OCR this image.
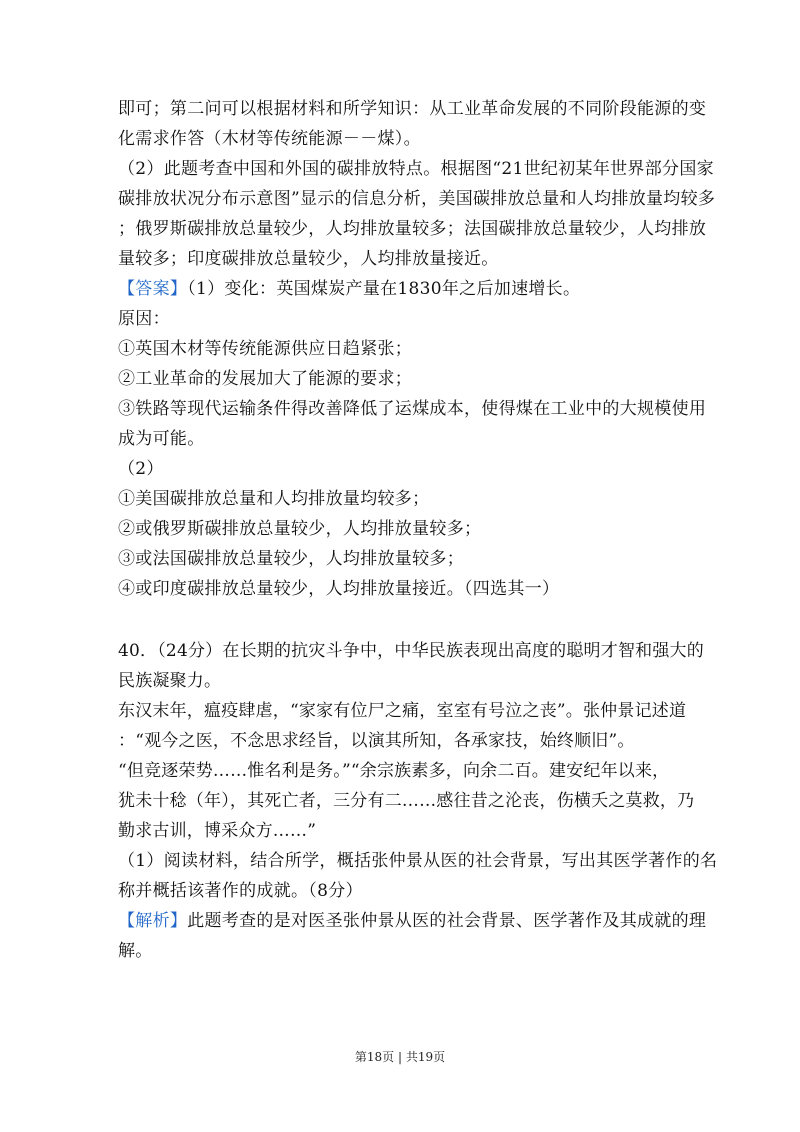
即可；第二问可以根据材料和所学知识：从工业革命发展的不同阶段能源的变
化需求作答（木材等传统能源－－煤）。
（2）此题考查中国和外国的碳排放特点。根据图“21世纪初某年世界部分国家
碳排放状况分布示意图”显示的信息分析，美国碳排放总量和人均排放量均较多
；俄罗斯碳排放总量较少，人均排放量较多；法国碳排放总量较少，人均排放
量较多；印度碳排放总量较少，人均排放量接近。
【答案】（1）变化：英国煤炭产量在1830年之后加速增长。
原因：
①英国木材等传统能源供应日趋紧张；
②工业革命的发展加大了能源的要求；
③铁路等现代运输条件得改善降低了运煤成本，使得煤在工业中的大规模使用
成为可能。
（2）
①美国碳排放总量和人均排放量均较多；
②或俄罗斯碳排放总量较少，人均排放量较多；
③或法国碳排放总量较少，人均排放量较多；
④或印度碳排放总量较少，人均排放量接近。（四选其一）
40．（24分）在长期的抗灾斗争中，中华民族表现出高度的聪明才智和强大的
民族凝聚力。
东汉末年，瘟疫肆虐，“家家有位尸之痛，室室有号泣之丧”。张仲景记述道
：“观今之医，不念思求经旨，以演其所知，各承家技，始终顺旧”。
“但竞逐荣势……惟名利是务。”“余宗族素多，向余二百。建安纪年以来，
犹未十稔（年），其死亡者，三分有二……感往昔之沦丧，伤横夭之莫救，乃
勤求古训，博采众方……”
（1）阅读材料，结合所学，概括张仲景从医的社会背景，写出其医学著作的名
称并概括该著作的成就。（8分）
【解析】此题考查的是对医圣张仲景从医的社会背景、医学著作及其成就的理
解。
第18页 | 共19页
